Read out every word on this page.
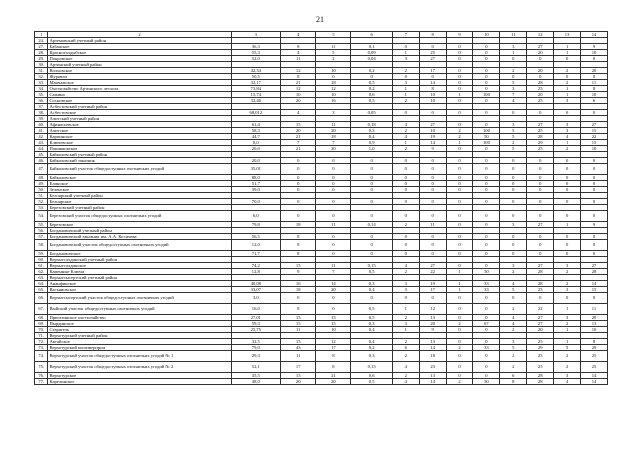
21
1	2	3	4	5	6	7	8	9	10	11	12	13	14
24.	Артемовский учетный район												
27.	Бабанское	36,3	8	11	0,1	0	0	0	0	3	27	1	9
28.	Красноталдыбское	55,3	4	5	0,09	1	25	0	0	1	20	1	10
29.	Покровское	52,0	11	2	0,04	3	27	0	0	0	0	0	0
30.	Артинский учетный район												
31.	Волховское	42,34	12	10	0,2	2	17	0	0	2	20	2	20
32.	Журавли	50,5	8	0	0	0	0	0	0	0	0	0	0
33.	Манчажское	32,17	21	18	0,5	3	14	0	0	5	28	2	11
34.	Охотхозяйство Артинского лесхоза	73,84	12	12	0,2	1	8	0	0	3	25	1	8
35.	Сажино	15,74	10	10	0,6	1	10	1	100	7	20	1	10
36.	Сосновское	32,46	20	16	0,5	2	10	0	0	4	25	3	6
37.	Асбестовский учетный район												
38.	Асбестовское	68,012	4	3	0,05	0	0	0	0	0	0	0	0
39.	Ачитский учетный район												
40.	Афанасьевское	61,4	15	11	0,18	4	27	0	0	3	27	3	27
41.	Ачитское	58,3	20	20	0,3	2	10	2	100	5	25	3	15
42.	Карпинское	44,7	21	18	0,4	4	19	2	50	5	28	4	22
43.	Ключевское	8,0	7	7	0,9	1	14	1	100	2	29	1	15
44.	Понинковское	20,0	21	20	1,0	2	9	0	0	5	25	2	10
45.	Байкаловский учетный район												
46.	Байкаловский заказник	20,0	0	0	0	0	0	0	0	0	0	0	0
47.	Байкаловский участок общедоступных охотничьих угодий	35,01	0	0	0	0	0	0	0	0	0	0	0
48.	Байкаловское	88,0	0	0	0	0	0	0	0	0	0	0	0
49.	Елинское	51,7	0	0	0	0	0	0	0	0	0	0	0
50.	Зеленское	39,0	0	0	0	0	0	0	0	0	0	0	0
51.	Белоярский учетный район												
52.	Белоярское	70,0	0	0	0	0	0	0	0	0	0	0	0
53.	Березовский учетный район												
54.	Березовский участок общедоступных охотничьих угодий	6,0	0	0	0	0	0	0	0	0	0	0	0
55.	Березовское	79,8	18	11	0,14	2	11	0	0	3	27	1	9
56.	Богдановичский учетный район												
57.	Богдановичский заказник им. А.А. Косичева	56,5	8	0	0	0	0	0	0	0	0	0	0
58.	Богдановичский участок общедоступных охотничьих угодий	12,0	8	0	0	0	0	0	0	0	0	0	0
59.	Богдановичское	71,7	8	0	0	0	0	0	0	0	0	0	0
60.	Верхнесалдинский учетный район												
61.	Верхнесалдинское	74,2	15	11	0,15	4	27	0	0	3	27	3	27
62.	Каменные Ключи	12,8	9	7	0,5	2	22	1	50	2	28	2	28
63.	Верхнесысертский учетный район												
64.	Ананфинское	40,08	16	14	0,3	3	19	1	33	4	28	2	14
65.	Васьяновское	33,07	18	20	0,4	3	17	1	33	5	25	3	15
66.	Верхнесысертский участок общедоступных охотничьих угодий	3,0	0	0	0	0	0	0	0	0	0	0	0
67.	Выйский участок общедоступных охотничьих угодий	16,0	8	0	0,5	1	12	0	0	2	22	1	11
68.	Пригатинское охотхозяйство	27,01	15	15	0,5	2	13	0	0	4	27	3	20
69.	Пырдинское	59,3	15	15	0,3	3	20	2	67	4	27	2	13
70.	Старатель	25,75	11	10	0,4	1	9	0	0	2	20	1	10
71.	Верхотурский учетный район												
72.	Актайское	32,5	15	12	0,4	2	13	0	0	3	25	1	8
73.	Верхотурский коопзверпром	79,0	43	17	0,2	6	14	2	33	5	29	5	29
74.	Верхотурский участок общедоступных охотничьих угодий № 1	29,3	11	8	0,3	2	18	0	0	2	25	2	25
75.	Верхотурский участок общедоступных охотничьих угодий № 2	52,1	17	8	0,15	4	23	0	0	2	25	2	25
76.	Верхотурское	35,5	15	21	0,6	2	13	0	0	6	28	3	14
77.	Карелинское	48,0	20	20	0,5	4	14	2	50	8	28	4	14
